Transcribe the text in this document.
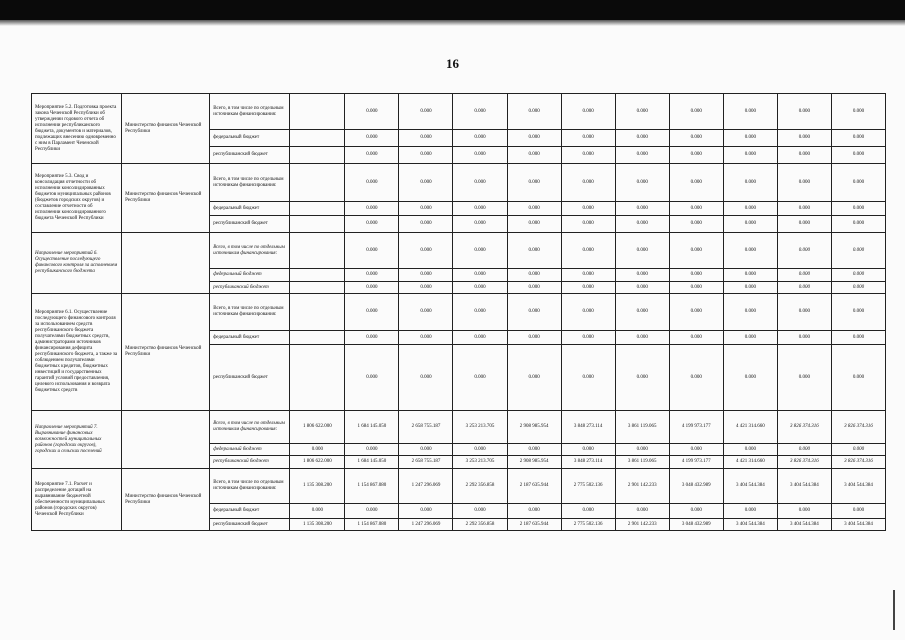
16
Мероприятие 5.2. Подготовка проекта закона Чеченской Республики об утверждении годового отчета об исполнении республиканского бюджета, документов и материалов, подлежащих внесению одновременно с ним в Парламент Чеченской Республики	Министерство финансов Чеченской Республики	Всего, в том числе по отдельным источникам финансирования:		0.000	0.000	0.000	0.000	0.000	0.000	0.000	0.000	0.000	0.000
		федеральный бюджет		0.000	0.000	0.000	0.000	0.000	0.000	0.000	0.000	0.000	0.000
		республиканский бюджет		0.000	0.000	0.000	0.000	0.000	0.000	0.000	0.000	0.000	0.000
Мероприятие 5.3. Свод и консолидация отчетности об исполнении консолидированных бюджетов муниципальных районов (бюджетов городских округов) и составление отчетности об исполнении консолидированного бюджета Чеченской Республики	Министерство финансов Чеченской Республики	Всего, в том числе по отдельным источникам финансирования:		0.000	0.000	0.000	0.000	0.000	0.000	0.000	0.000	0.000	0.000
		федеральный бюджет		0.000	0.000	0.000	0.000	0.000	0.000	0.000	0.000	0.000	0.000
		республиканский бюджет		0.000	0.000	0.000	0.000	0.000	0.000	0.000	0.000	0.000	0.000
Направление мероприятий 6. Осуществление последующего финансового контроля за исполнением республиканского бюджета		Всего, в том числе по отдельным источникам финансирования:		0.000	0.000	0.000	0.000	0.000	0.000	0.000	0.000	0.000	0.000
		федеральный бюджет		0.000	0.000	0.000	0.000	0.000	0.000	0.000	0.000	0.000	0.000
		республиканский бюджет		0.000	0.000	0.000	0.000	0.000	0.000	0.000	0.000	0.000	0.000
Мероприятие 6.1. Осуществление последующего финансового контроля за использованием средств республиканского бюджета получателями бюджетных средств, администраторами источников финансирования дефицита республиканского бюджета, а также за соблюдением получателями бюджетных кредитов, бюджетных инвестиций и государственных гарантий условий предоставления, целевого использования и возврата бюджетных средств	Министерство финансов Чеченской Республики	Всего, в том числе по отдельным источникам финансирования:		0.000	0.000	0.000	0.000	0.000	0.000	0.000	0.000	0.000	0.000
		федеральный бюджет		0.000	0.000	0.000	0.000	0.000	0.000	0.000	0.000	0.000	0.000
		республиканский бюджет		0.000	0.000	0.000	0.000	0.000	0.000	0.000	0.000	0.000	0.000
Направление мероприятий 7. Выравнивание финансовых возможностей муниципальных районов (городских округов), городских и сельских поселений		Всего, в том числе по отдельным источникам финансирования:	1 806 622.000	1 684 145.050	2 658 755.187	3 253 213.705	2 908 985.954	3 848 273.114	3 861 119.065	4 199 973.177	4 421 314.660	3 826 374.316	3 826 374.316
		федеральный бюджет	0.000	0.000	0.000	0.000	0.000	0.000	0.000	0.000	0.000	0.000	0.000
		республиканский бюджет	1 806 622.000	1 684 145.050	2 658 755.187	3 253 213.705	2 908 985.954	3 848 273.114	3 861 119.065	4 199 973.177	4 421 314.660	3 826 374.316	3 826 374.316
Мероприятие 7.1. Расчет и распределение дотаций на выравнивание бюджетной обеспеченности муниципальных районов (городских округов) Чеченской Республики	Министерство финансов Чеченской Республики	Всего, в том числе по отдельным источникам финансирования:	1 135 308.200	1 154 867.080	1 247 296.069	2 292 356.858	2 187 635.944	2 775 502.136	2 901 142.233	3 048 432.989	3 404 544.384	3 404 544.384	3 404 544.384
		федеральный бюджет	0.000	0.000	0.000	0.000	0.000	0.000	0.000	0.000	0.000	0.000	0.000
		республиканский бюджет	1 135 308.200	1 154 867.080	1 247 296.069	2 292 356.858	2 187 635.944	2 775 502.136	2 901 142.233	3 048 432.989	3 404 544.384	3 404 544.384	3 404 544.384
